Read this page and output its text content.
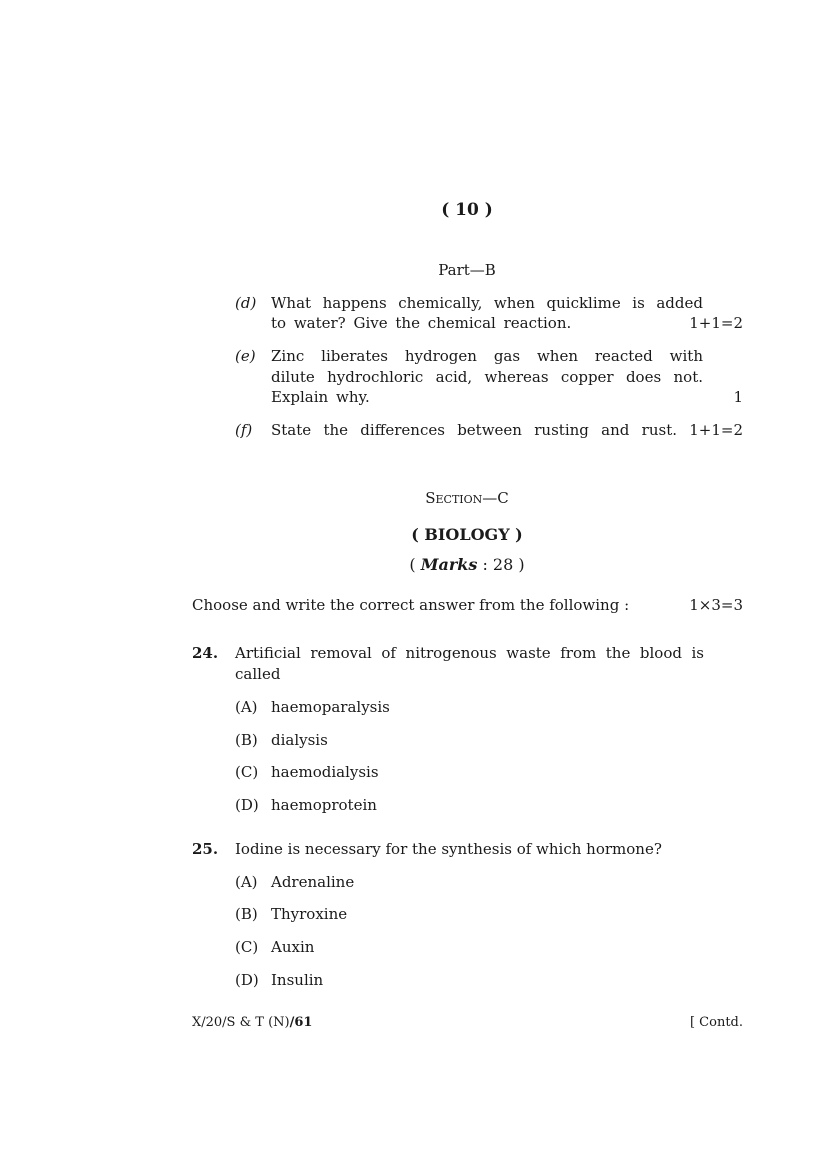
( 10 )
Part—B
(d) What happens chemically, when quicklime is added
to water? Give the chemical reaction.	1+1=2
(e) Zinc liberates hydrogen gas when reacted with
dilute hydrochloric acid, whereas copper does not.
Explain why.	1
(f) State the differences between rusting and rust. 1+1=2
Section—C
( BIOLOGY )
( Marks : 28 )
Choose and write the correct answer from the following :	1×3=3
24. Artificial removal of nitrogenous waste from the blood is
called
(A) haemoparalysis
(B) dialysis
(C) haemodialysis
(D) haemoprotein
25. Iodine is necessary for the synthesis of which hormone?
(A) Adrenaline
(B) Thyroxine
(C) Auxin
(D) Insulin
X/20/S & T (N)/61	[ Contd.
